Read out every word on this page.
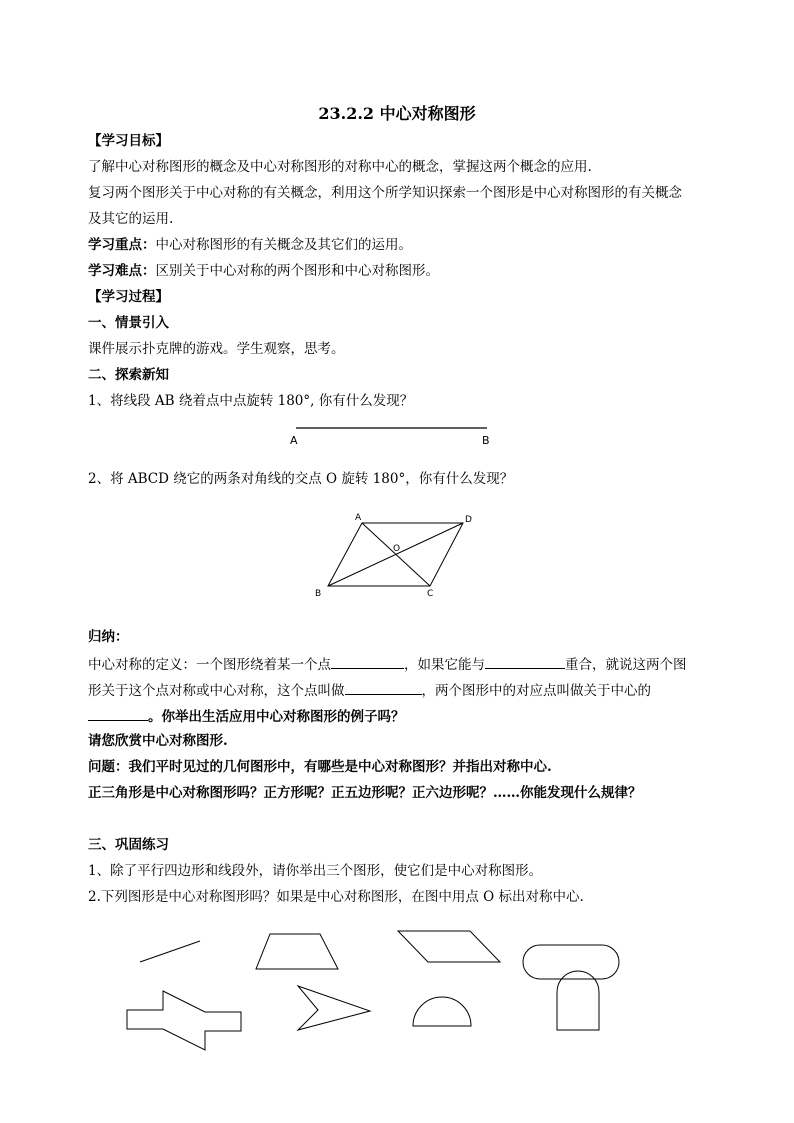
23.2.2 中心对称图形
【学习目标】
了解中心对称图形的概念及中心对称图形的对称中心的概念，掌握这两个概念的应用.
复习两个图形关于中心对称的有关概念，利用这个所学知识探索一个图形是中心对称图形的有关概念
及其它的运用.
学习重点：中心对称图形的有关概念及其它们的运用。
学习难点：区别关于中心对称的两个图形和中心对称图形。
【学习过程】
一、情景引入
课件展示扑克牌的游戏。学生观察，思考。
二、探索新知
1、将线段 AB 绕着点中点旋转 180°, 你有什么发现？
A	B
2、将 ABCD 绕它的两条对角线的交点 O 旋转 180°，你有什么发现？
A	D
O
B	C
归纳：
中心对称的定义：一个图形绕着某一个点	，如果它能与	重合，就说这两个图
形关于这个点对称或中心对称，这个点叫做	，两个图形中的对应点叫做关于中心的
。你举出生活应用中心对称图形的例子吗？
请您欣赏中心对称图形.
问题：我们平时见过的几何图形中，有哪些是中心对称图形？并指出对称中心.
正三角形是中心对称图形吗？正方形呢？正五边形呢？正六边形呢？……你能发现什么规律？
三、巩固练习
1、除了平行四边形和线段外，请你举出三个图形，使它们是中心对称图形。
2.下列图形是中心对称图形吗？如果是中心对称图形，在图中用点 O 标出对称中心.
